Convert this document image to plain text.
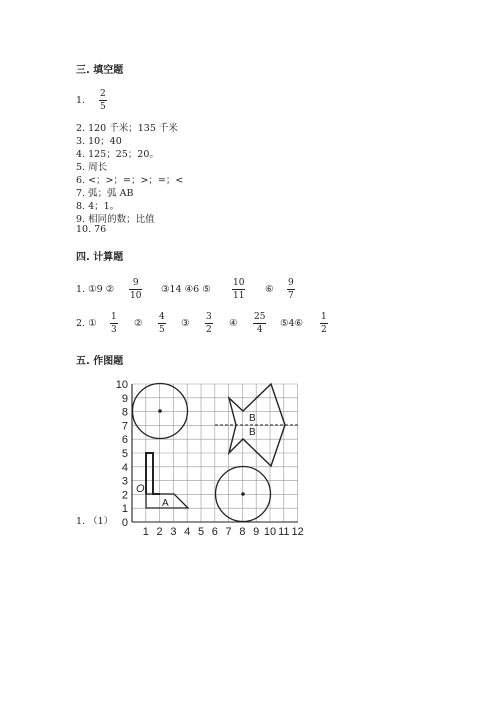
三. 填空题
1.
2
5
2. 120 千米；135 千米
3. 10；40
4. 125；25；20。
5. 周长
6. <；>；=；>；=；<
7. 弧；弧 AB
8. 4；1。
9. 相同的数；比值
10. 76
四. 计算题
1. ①9 ②
9
10
③14 ④6 ⑤
10
11
⑥
9
7
2. ①
1
3
②
4
5
③
3
2
④
25
4
⑤4⑥
1
2
五. 作图题
1. （1） 0
1
2
3
4
5
6
7
8
9
10
1 2 3 4 5 6 7 8 9 10 11 12
B
B
O
A
